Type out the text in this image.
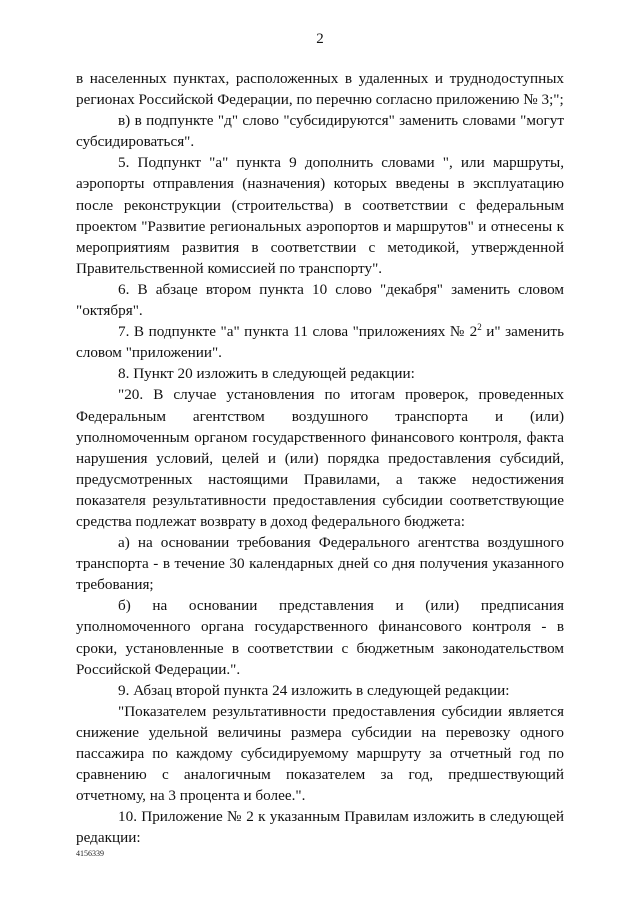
2

в населенных пунктах, расположенных в удаленных и труднодоступных регионах Российской Федерации, по перечню согласно приложению № 3;";

в) в подпункте "д" слово "субсидируются" заменить словами "могут субсидироваться".

5. Подпункт "а" пункта 9 дополнить словами ", или маршруты, аэропорты отправления (назначения) которых введены в эксплуатацию после реконструкции (строительства) в соответствии с федеральным проектом "Развитие региональных аэропортов и маршрутов" и отнесены к мероприятиям развития в соответствии с методикой, утвержденной Правительственной комиссией по транспорту".

6. В абзаце втором пункта 10 слово "декабря" заменить словом "октября".

7. В подпункте "а" пункта 11 слова "приложениях № $2^2$ и" заменить словом "приложении".

8. Пункт 20 изложить в следующей редакции:

"20. В случае установления по итогам проверок, проведенных Федеральным агентством воздушного транспорта и (или) уполномоченным органом государственного финансового контроля, факта нарушения условий, целей и (или) порядка предоставления субсидий, предусмотренных настоящими Правилами, а также недостижения показателя результативности предоставления субсидии соответствующие средства подлежат возврату в доход федерального бюджета:

а) на основании требования Федерального агентства воздушного транспорта - в течение 30 календарных дней со дня получения указанного требования;

б) на основании представления и (или) предписания уполномоченного органа государственного финансового контроля - в сроки, установленные в соответствии с бюджетным законодательством Российской Федерации.".

9. Абзац второй пункта 24 изложить в следующей редакции:

"Показателем результативности предоставления субсидии является снижение удельной величины размера субсидии на перевозку одного пассажира по каждому субсидируемому маршруту за отчетный год по сравнению с аналогичным показателем за год, предшествующий отчетному, на 3 процента и более.".

10. Приложение № 2 к указанным Правилам изложить в следующей редакции:

4156339
